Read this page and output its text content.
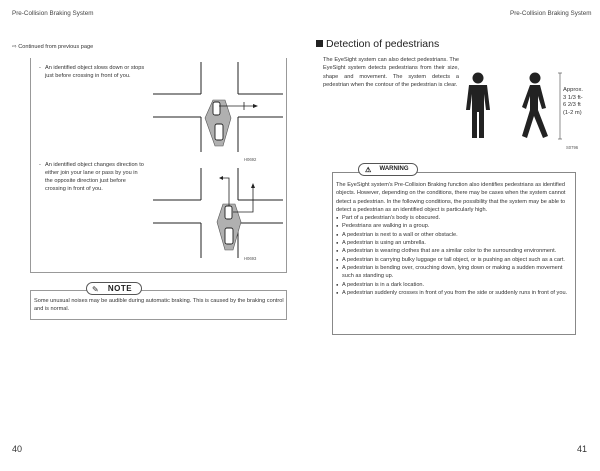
Pre-Collision Braking System
⇨ Continued from previous page
- An identified object slows down or stops just before crossing in front of you.
- An identified object changes direction to either join your lane or pass by you in the opposite direction just before crossing in front of you.
H0692
H0693
Some unusual noises may be audible during automatic braking. This is caused by the braking control and is normal.
✎ NOTE
40
Pre-Collision Braking System
Detection of pedestrians
The EyeSight system can also detect pedestrians. The EyeSight system detects pedestrians from their size, shape and movement. The system detects a pedestrian when the contour of the pedestrian is clear.
Approx.
3 1/3 ft-
6 2/3 ft
(1-2 m)
S0796
⚠ WARNING
The EyeSight system's Pre-Collision Braking function also identifies pedestrians as identified objects. However, depending on the conditions, there may be cases when the system cannot detect a pedestrian. In the following conditions, the possibility that the system may be able to detect a pedestrian as an identified object is particularly high.
● Part of a pedestrian's body is obscured.
● Pedestrians are walking in a group.
● A pedestrian is next to a wall or other obstacle.
● A pedestrian is using an umbrella.
● A pedestrian is wearing clothes that are a similar color to the surrounding environment.
● A pedestrian is carrying bulky luggage or tall object, or is pushing an object such as a cart.
● A pedestrian is bending over, crouching down, lying down or making a sudden movement such as standing up.
● A pedestrian is in a dark location.
● A pedestrian suddenly crosses in front of you from the side or suddenly runs in front of you.
41
